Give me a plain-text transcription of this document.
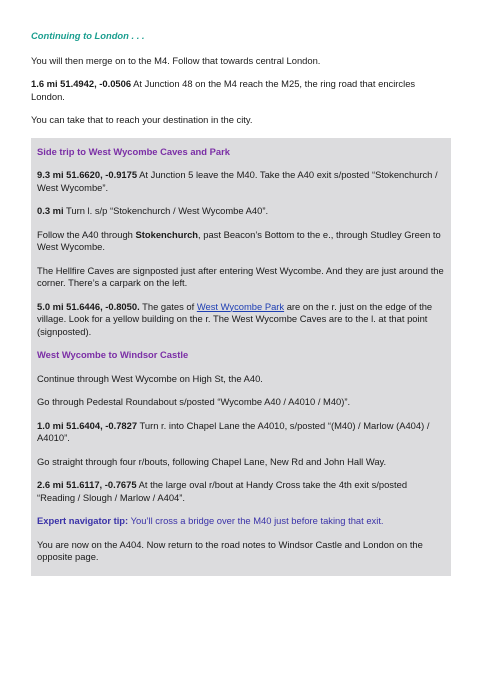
Continuing to London . . .

You will then merge on to the M4. Follow that towards central London.

1.6 mi 51.4942, -0.0506 At Junction 48 on the M4 reach the M25, the ring road that encircles London.

You can take that to reach your destination in the city.

Side trip to West Wycombe Caves and Park

9.3 mi 51.6620, -0.9175 At Junction 5 leave the M40. Take the A40 exit s/posted “Stokenchurch / West Wycombe”.

0.3 mi Turn l. s/p “Stokenchurch / West Wycombe A40”.

Follow the A40 through Stokenchurch, past Beacon’s Bottom to the e., through Studley Green to West Wycombe.

The Hellfire Caves are signposted just after entering West Wycombe. And they are just around the corner. There’s a carpark on the left.

5.0 mi 51.6446, -0.8050. The gates of West Wycombe Park are on the r. just on the edge of the village. Look for a yellow building on the r. The West Wycombe Caves are to the l. at that point (signposted).

West Wycombe to Windsor Castle

Continue through West Wycombe on High St, the A40.

Go through Pedestal Roundabout s/posted “Wycombe A40 / A4010 / M40)”.

1.0 mi 51.6404, -0.7827 Turn r. into Chapel Lane the A4010, s/posted “(M40) / Marlow (A404) / A4010”.

Go straight through four r/bouts, following Chapel Lane, New Rd and John Hall Way.

2.6 mi 51.6117, -0.7675 At the large oval r/bout at Handy Cross take the 4th exit s/posted “Reading / Slough / Marlow / A404”.

Expert navigator tip: You’ll cross a bridge over the M40 just before taking that exit.

You are now on the A404. Now return to the road notes to Windsor Castle and London on the opposite page.
